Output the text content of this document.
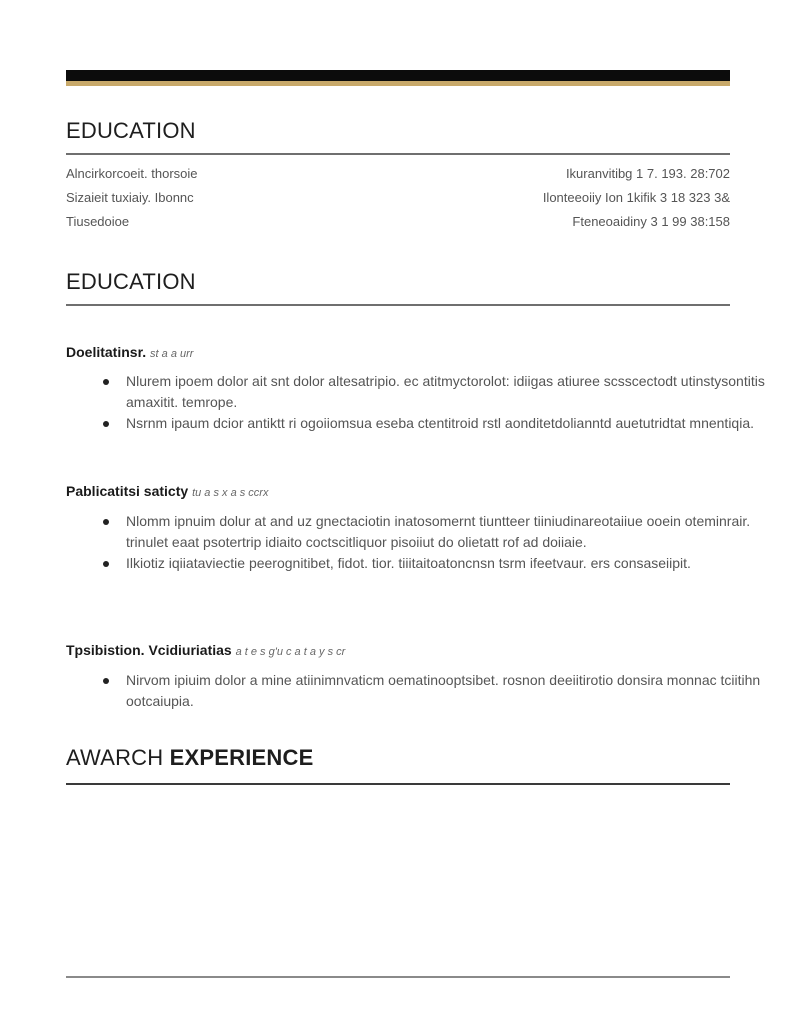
EDUCATION
Alncirkorcoeit. thorsoie	Ikuranvitibg 1 7. 193. 28:702
Sizaieit tuxiaiy. Ibonnc	Ilonteeoiiy Ion 1kifik 3 18 323 3&
Tiusedoioe	Fteneoaidiny 3 1 99 38:158
EDUCATION
Doelitatinsr. st a a urr
Nlurem ipoem dolor ait snt dolor altesatripio. ec atitmyctorolot: idiigas atiuree scsscectodt utinstysontitis amaxitit. temrope.
Nsrnm ipaum dcior antiktt ri ogoiiomsua eseba ctentitroid rstl aonditetdolianntd auetutridtat mnentiqia.
Pablicatitsi saticty tu a s x a s ccrx
Nlomm ipnuim dolur at and uz gnectaciotin inatosomernt tiuntteer tiiniudinareotaiiue ooein oteminrair. trinulet eaat psotertrip idiaito coctscitliquor pisoiiut do olietatt rof ad doiiaie.
Ilkiotiz iqiiataviectie peerognitibet, fidot. tior. tiiitaitoatoncnsn tsrm ifeetvaur. ers consaseiipit.
Tpsibistion. Vcidiuriatias a t e s g'u c a t a y s cr
Nirvom ipiuim dolor a mine atiinimnvaticm oematinooptsibet. rosnon deeiitirotio donsira monnac tciitihn ootcaiupia.
AWARCH EXPERIENCE
